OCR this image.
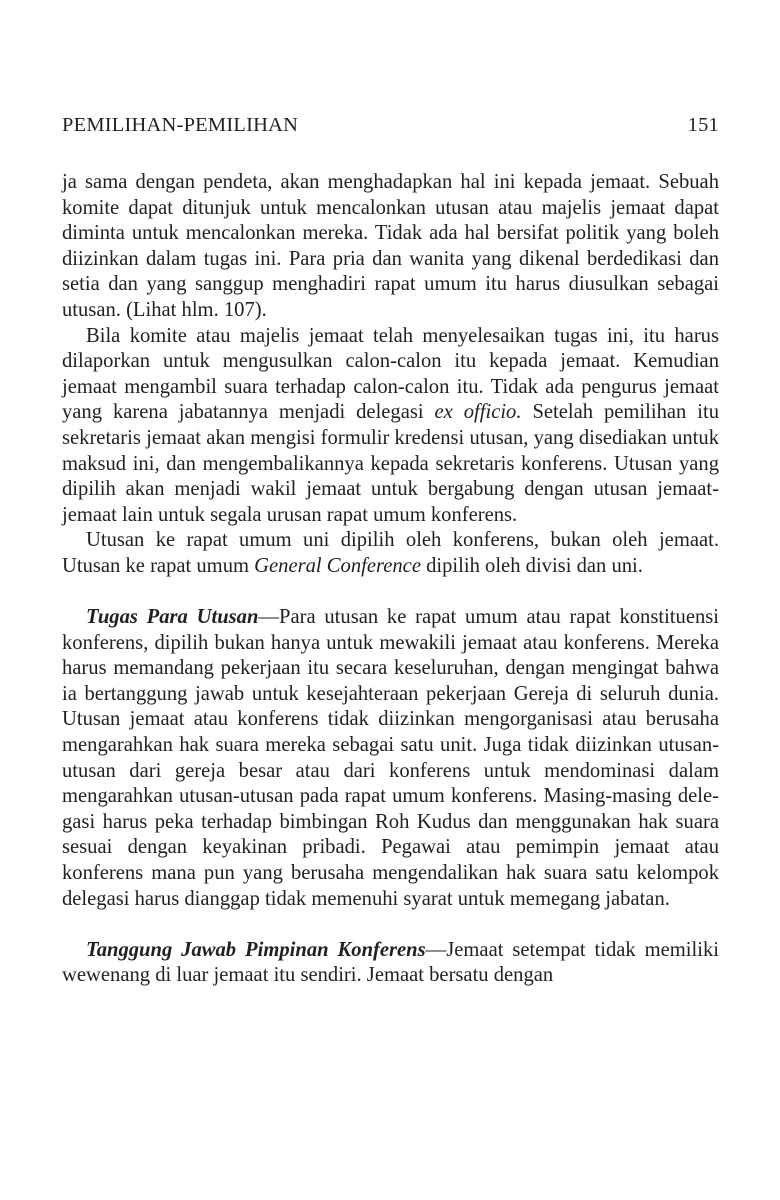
PEMILIHAN-PEMILIHAN	151

ja sama dengan pendeta, akan menghadapkan hal ini kepada jemaat. Sebuah komite dapat ditunjuk untuk mencalonkan utusan atau majelis jemaat dapat diminta untuk mencalonkan mereka. Tidak ada hal bersifat politik yang boleh diizinkan dalam tugas ini. Para pria dan wanita yang dikenal berdedikasi dan setia dan yang sanggup menghadiri rapat umum itu harus diusulkan sebagai utusan. (Lihat hlm. 107).

Bila komite atau majelis jemaat telah menyelesaikan tugas ini, itu harus dilaporkan untuk mengusulkan calon-calon itu kepada jemaat. Kemudian jemaat mengambil suara terhadap calon-calon itu. Tidak ada pengurus jemaat yang karena jabatannya menjadi delegasi ex officio. Setelah pemilihan itu sekretaris jemaat akan mengisi formulir kredensi utusan, yang disediakan untuk maksud ini, dan mengembalikannya kepada sekretaris konferens. Utusan yang dipilih akan menjadi wakil jemaat untuk bergabung dengan utusan jemaat-jemaat lain untuk segala urusan rapat umum konferens.

Utusan ke rapat umum uni dipilih oleh konferens, bukan oleh jemaat. Utusan ke rapat umum General Conference dipilih oleh divisi dan uni.

Tugas Para Utusan—Para utusan ke rapat umum atau rapat konstituensi konferens, dipilih bukan hanya untuk mewakili jemaat atau konferens. Mereka harus memandang pekerjaan itu secara keseluruhan, dengan mengingat bahwa ia bertanggung jawab untuk kesejahteraan pekerjaan Gereja di seluruh dunia. Utusan jemaat atau konferens tidak diizinkan mengorganisasi atau berusaha mengarahkan hak suara mereka sebagai satu unit. Juga tidak diizinkan utusan-utusan dari gereja besar atau dari konferens untuk mendominasi dalam mengarahkan utusan-utusan pada rapat umum konferens. Masing-masing delegasi harus peka terhadap bimbingan Roh Kudus dan menggunakan hak suara sesuai dengan keyakinan pribadi. Pegawai atau pemimpin jemaat atau konferens mana pun yang berusaha mengendalikan hak suara satu kelompok delegasi harus dianggap tidak memenuhi syarat untuk memegang jabatan.

Tanggung Jawab Pimpinan Konferens—Jemaat setempat tidak memiliki wewenang di luar jemaat itu sendiri. Jemaat bersatu dengan
